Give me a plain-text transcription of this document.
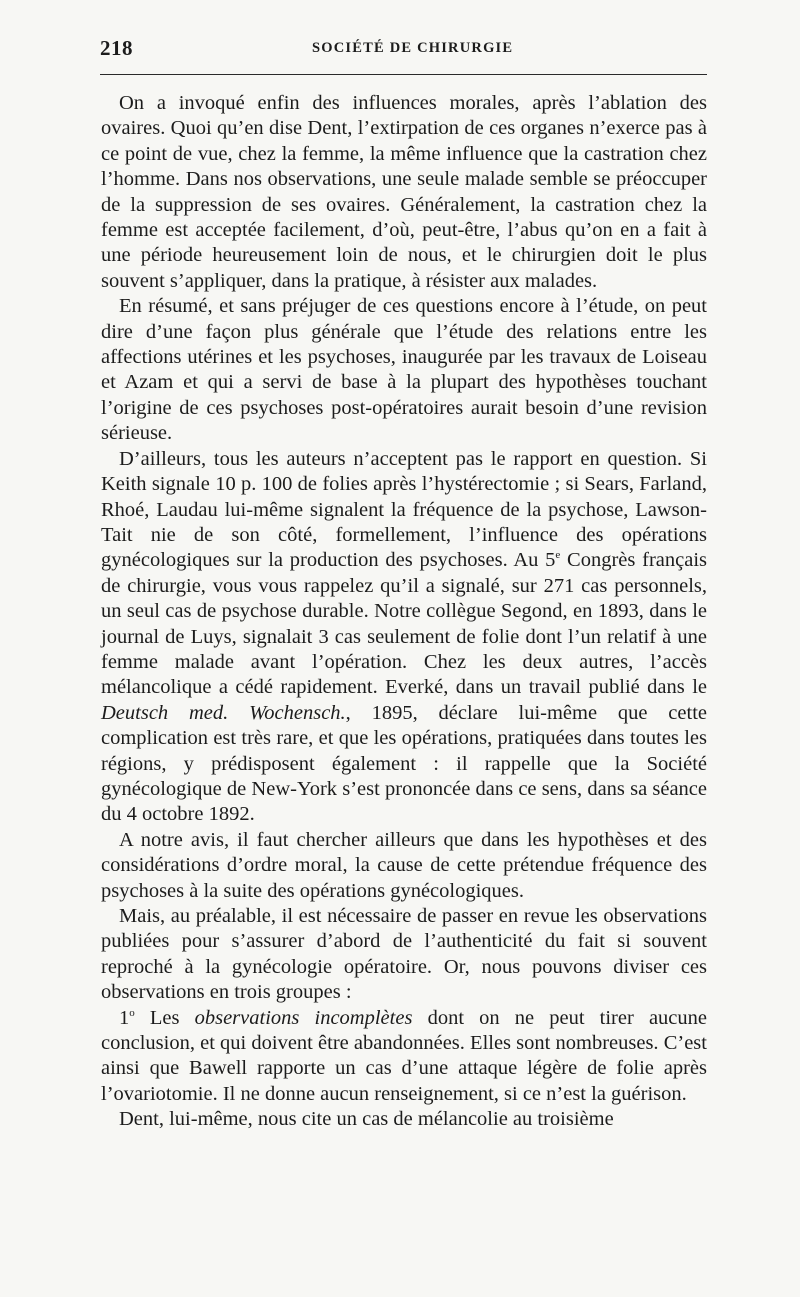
218	SOCIÉTÉ DE CHIRURGIE

On a invoqué enfin des influences morales, après l’ablation des ovaires. Quoi qu’en dise Dent, l’extirpation de ces organes n’exerce pas à ce point de vue, chez la femme, la même influence que la castration chez l’homme. Dans nos observations, une seule malade semble se préoccuper de la suppression de ses ovaires. Généralement, la castration chez la femme est acceptée facilement, d’où, peut-être, l’abus qu’on en a fait à une période heureusement loin de nous, et le chirurgien doit le plus souvent s’appliquer, dans la pratique, à résister aux malades.

En résumé, et sans préjuger de ces questions encore à l’étude, on peut dire d’une façon plus générale que l’étude des relations entre les affections utérines et les psychoses, inaugurée par les travaux de Loiseau et Azam et qui a servi de base à la plupart des hypothèses touchant l’origine de ces psychoses post-opératoires aurait besoin d’une revision sérieuse.

D’ailleurs, tous les auteurs n’acceptent pas le rapport en question. Si Keith signale 10 p. 100 de folies après l’hystérectomie ; si Sears, Farland, Rhoé, Laudau lui-même signalent la fréquence de la psychose, Lawson-Tait nie de son côté, formellement, l’influence des opérations gynécologiques sur la production des psychoses. Au 5e Congrès français de chirurgie, vous vous rappelez qu’il a signalé, sur 271 cas personnels, un seul cas de psychose durable. Notre collègue Segond, en 1893, dans le journal de Luys, signalait 3 cas seulement de folie dont l’un relatif à une femme malade avant l’opération. Chez les deux autres, l’accès mélancolique a cédé rapidement. Everké, dans un travail publié dans le Deutsch med. Wochensch., 1895, déclare lui-même que cette complication est très rare, et que les opérations, pratiquées dans toutes les régions, y prédisposent également : il rappelle que la Société gynécologique de New-York s’est prononcée dans ce sens, dans sa séance du 4 octobre 1892.

A notre avis, il faut chercher ailleurs que dans les hypothèses et des considérations d’ordre moral, la cause de cette prétendue fréquence des psychoses à la suite des opérations gynécologiques.

Mais, au préalable, il est nécessaire de passer en revue les observations publiées pour s’assurer d’abord de l’authenticité du fait si souvent reproché à la gynécologie opératoire. Or, nous pouvons diviser ces observations en trois groupes :

1$^o$ Les observations incomplètes dont on ne peut tirer aucune conclusion, et qui doivent être abandonnées. Elles sont nombreuses. C’est ainsi que Bawell rapporte un cas d’une attaque légère de folie après l’ovariotomie. Il ne donne aucun renseignement, si ce n’est la guérison.

Dent, lui-même, nous cite un cas de mélancolie au troisième
